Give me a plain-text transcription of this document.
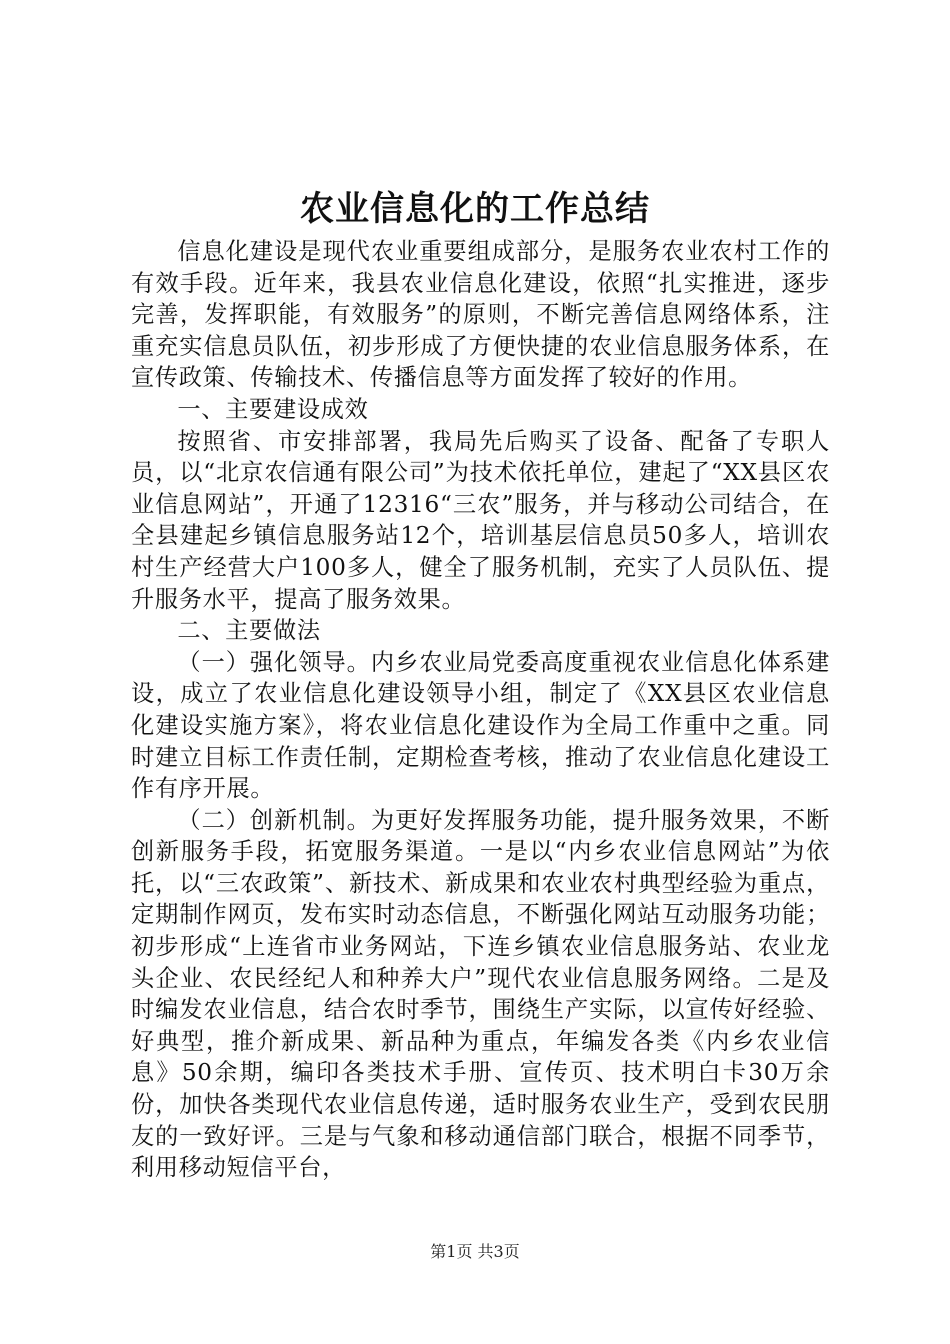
农业信息化的工作总结

信息化建设是现代农业重要组成部分，是服务农业农村工作的有效手段。近年来，我县农业信息化建设，依照“扎实推进，逐步完善，发挥职能，有效服务”的原则，不断完善信息网络体系，注重充实信息员队伍，初步形成了方便快捷的农业信息服务体系，在宣传政策、传输技术、传播信息等方面发挥了较好的作用。

一、主要建设成效

按照省、市安排部署，我局先后购买了设备、配备了专职人员，以“北京农信通有限公司”为技术依托单位，建起了“XX县区农业信息网站”，开通了12316“三农”服务，并与移动公司结合，在全县建起乡镇信息服务站12个，培训基层信息员50多人，培训农村生产经营大户100多人，健全了服务机制，充实了人员队伍、提升服务水平，提高了服务效果。

二、主要做法

（一）强化领导。内乡农业局党委高度重视农业信息化体系建设，成立了农业信息化建设领导小组，制定了《XX县区农业信息化建设实施方案》，将农业信息化建设作为全局工作重中之重。同时建立目标工作责任制，定期检查考核，推动了农业信息化建设工作有序开展。

（二）创新机制。为更好发挥服务功能，提升服务效果，不断创新服务手段，拓宽服务渠道。一是以“内乡农业信息网站”为依托，以“三农政策”、新技术、新成果和农业农村典型经验为重点，定期制作网页，发布实时动态信息，不断强化网站互动服务功能；初步形成“上连省市业务网站，下连乡镇农业信息服务站、农业龙头企业、农民经纪人和种养大户”现代农业信息服务网络。二是及时编发农业信息，结合农时季节，围绕生产实际，以宣传好经验、好典型，推介新成果、新品种为重点，年编发各类《内乡农业信息》50余期，编印各类技术手册、宣传页、技术明白卡30万余份，加快各类现代农业信息传递，适时服务农业生产，受到农民朋友的一致好评。三是与气象和移动通信部门联合，根据不同季节，利用移动短信平台，

第1页 共3页
